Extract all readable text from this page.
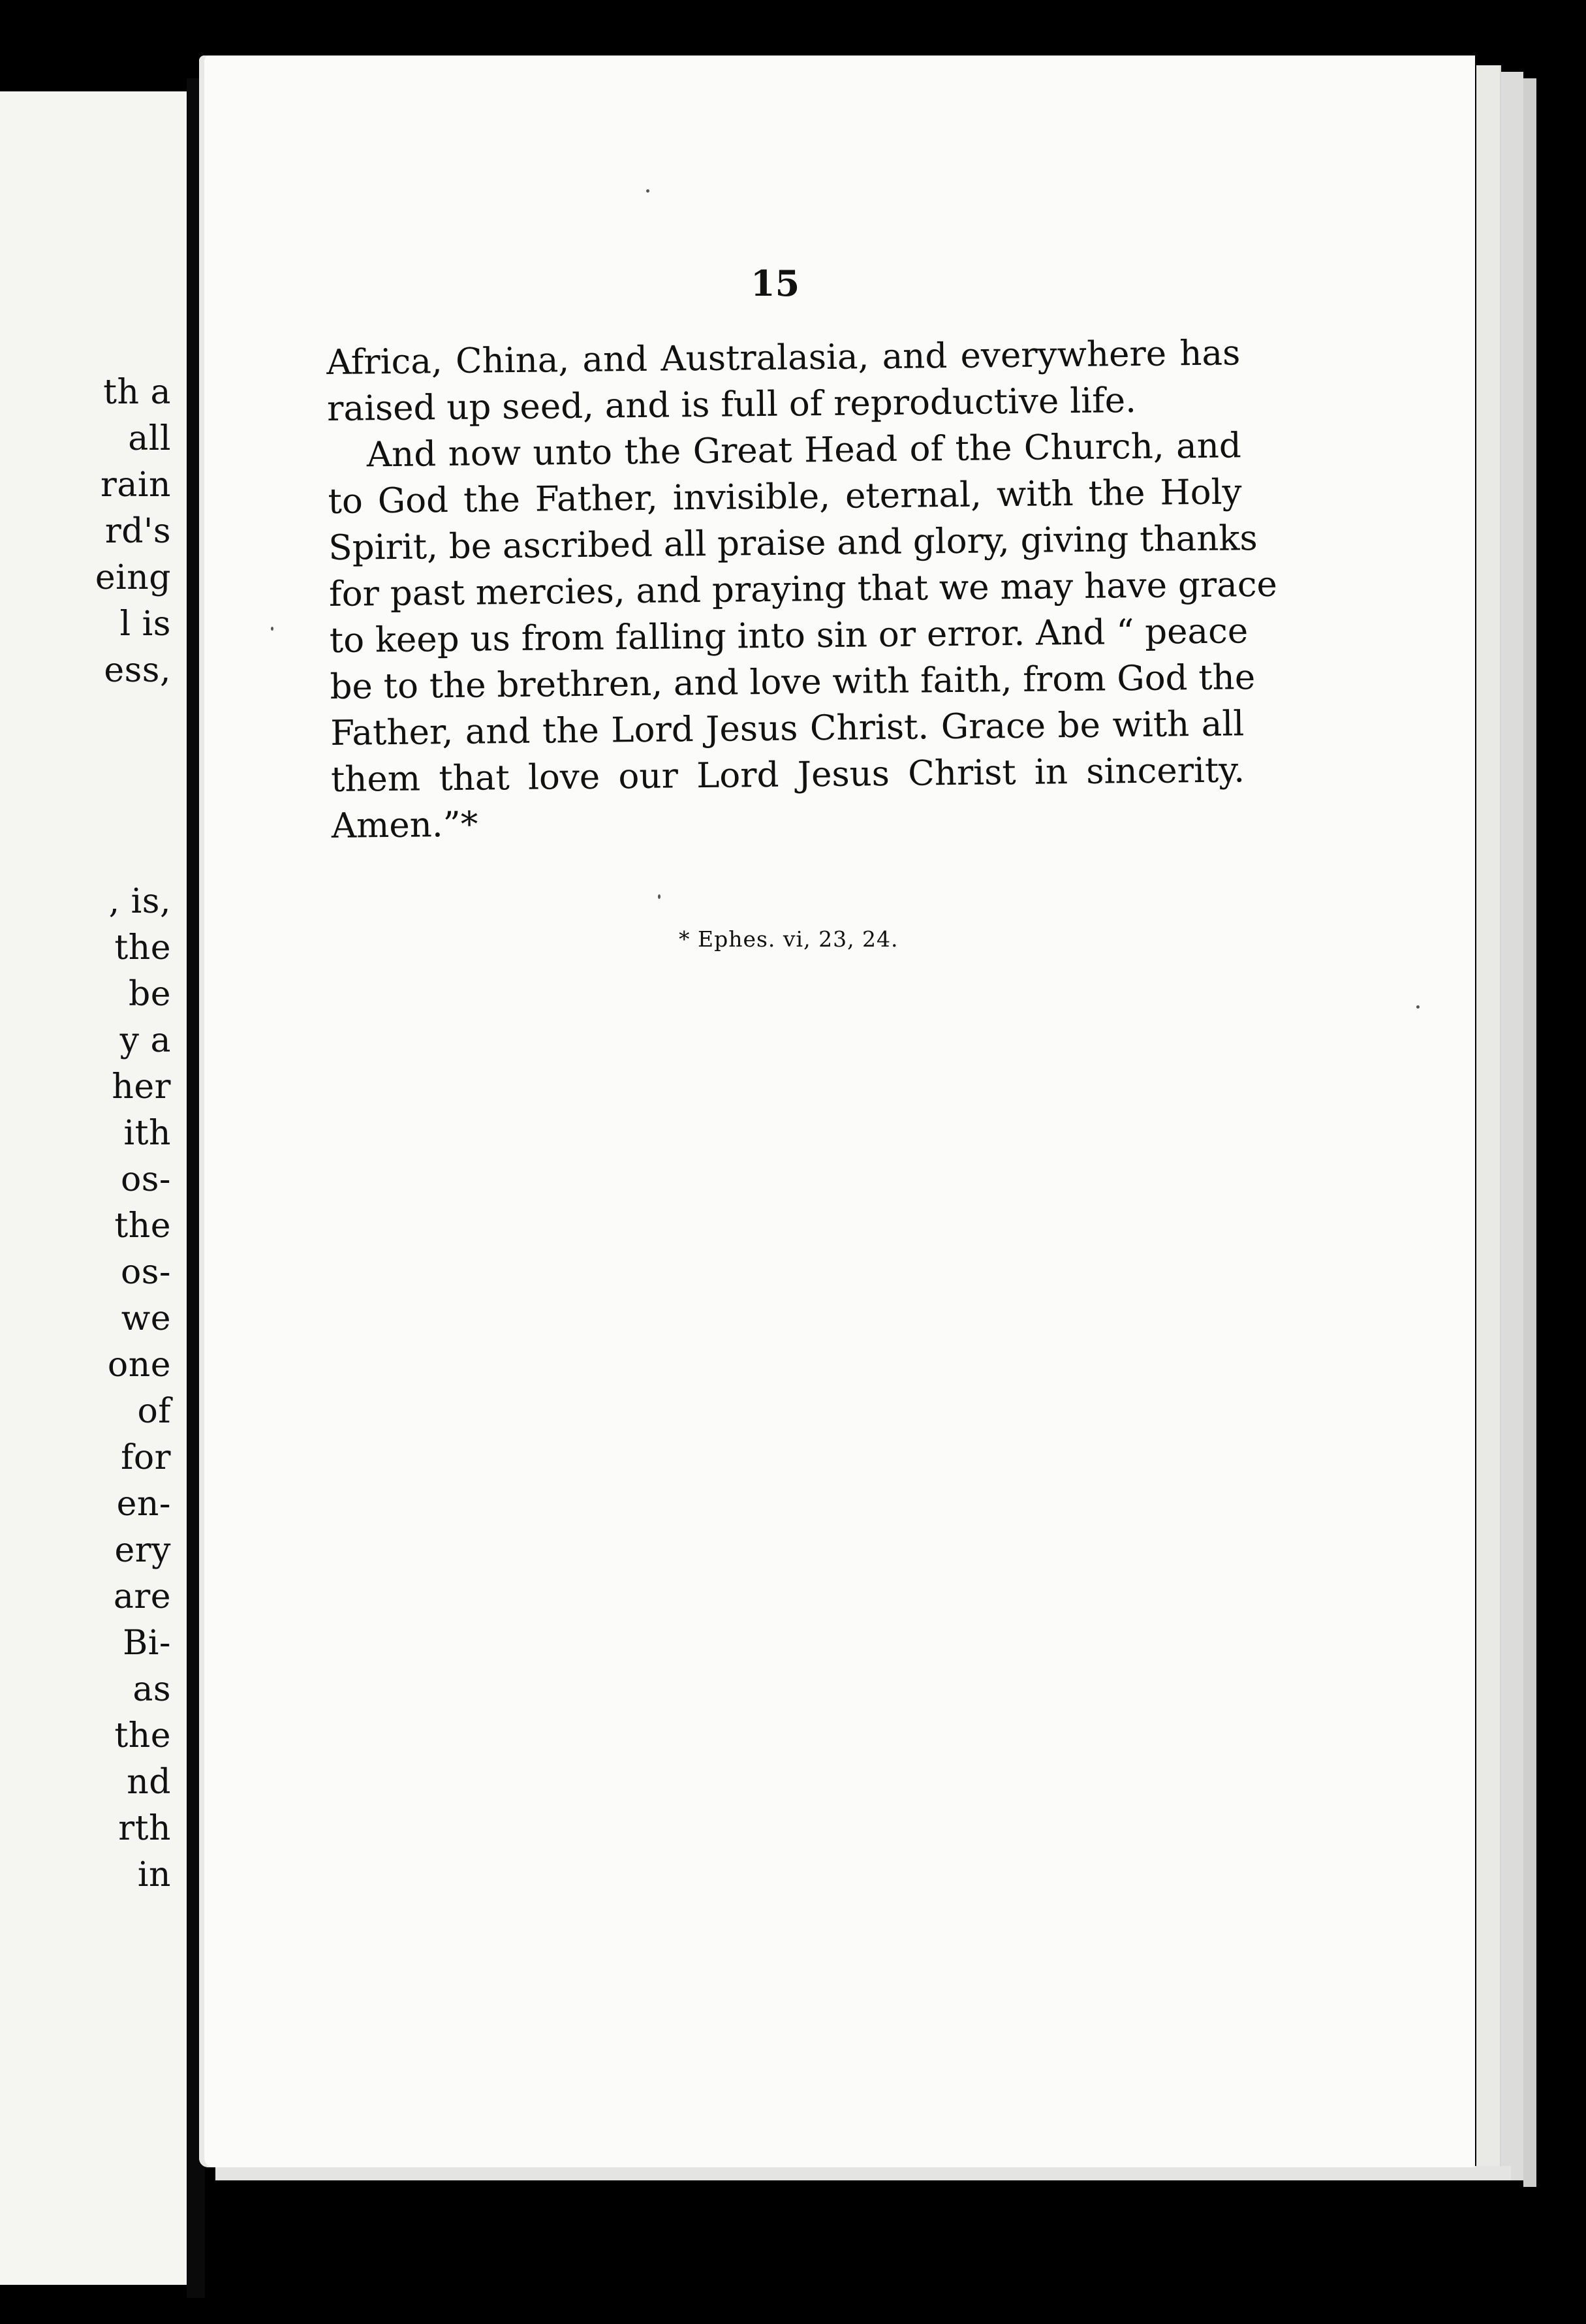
th a
all
rain
rd's
eing
l is
ess,
, is,
the
be
y a
her
ith
os-
the
os-
we
one
of
for
en-
ery
are
Bi-
as
the
nd
rth
in
15
Africa, China, and Australasia, and everywhere has
raised up seed, and is full of reproductive life.
And now unto the Great Head of the Church, and
to God the Father, invisible, eternal, with the Holy
Spirit, be ascribed all praise and glory, giving thanks
for past mercies, and praying that we may have grace
to keep us from falling into sin or error. And “ peace
be to the brethren, and love with faith, from God the
Father, and the Lord Jesus Christ. Grace be with all
them that love our Lord Jesus Christ in sincerity.
Amen.”*
* Ephes. vi, 23, 24.
